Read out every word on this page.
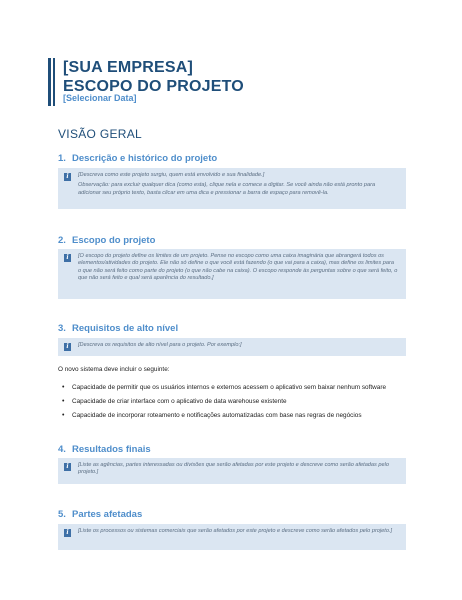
[SUA EMPRESA]
ESCOPO DO PROJETO
[Selecionar Data]
VISÃO GERAL
1. Descrição e histórico do projeto
i	[Descreva como este projeto surgiu, quem está envolvido e sua finalidade.]

Observação: para excluir qualquer dica (como esta), clique nela e comece a digitar. Se você ainda não está pronto para adicionar seu próprio texto, basta clicar em uma dica e pressionar a barra de espaço para removê-la.

2. Escopo do projeto
i	[O escopo do projeto define os limites de um projeto. Pense no escopo como uma caixa imaginária que abrangerá todos os elementos/atividades do projeto. Ele não só define o que você está fazendo (o que vai para a caixa), mas define os limites para o que não será feito como parte do projeto (o que não cabe na caixa). O escopo responde às perguntas sobre o que será feito, o que não será feito e qual será aparência do resultado.]

3. Requisitos de alto nível
i	[Descreva os requisitos de alto nível para o projeto. Por exemplo:]

O novo sistema deve incluir o seguinte:
• Capacidade de permitir que os usuários internos e externos acessem o aplicativo sem baixar nenhum software
• Capacidade de criar interface com o aplicativo de data warehouse existente
• Capacidade de incorporar roteamento e notificações automatizadas com base nas regras de negócios
4. Resultados finais
i	[Liste as agências, partes interessadas ou divisões que serão afetadas por este projeto e descreve como serão afetadas pelo projeto.]

5. Partes afetadas
i	[Liste os processos ou sistemas comerciais que serão afetados por este projeto e descreve como serão afetados pelo projeto.]
